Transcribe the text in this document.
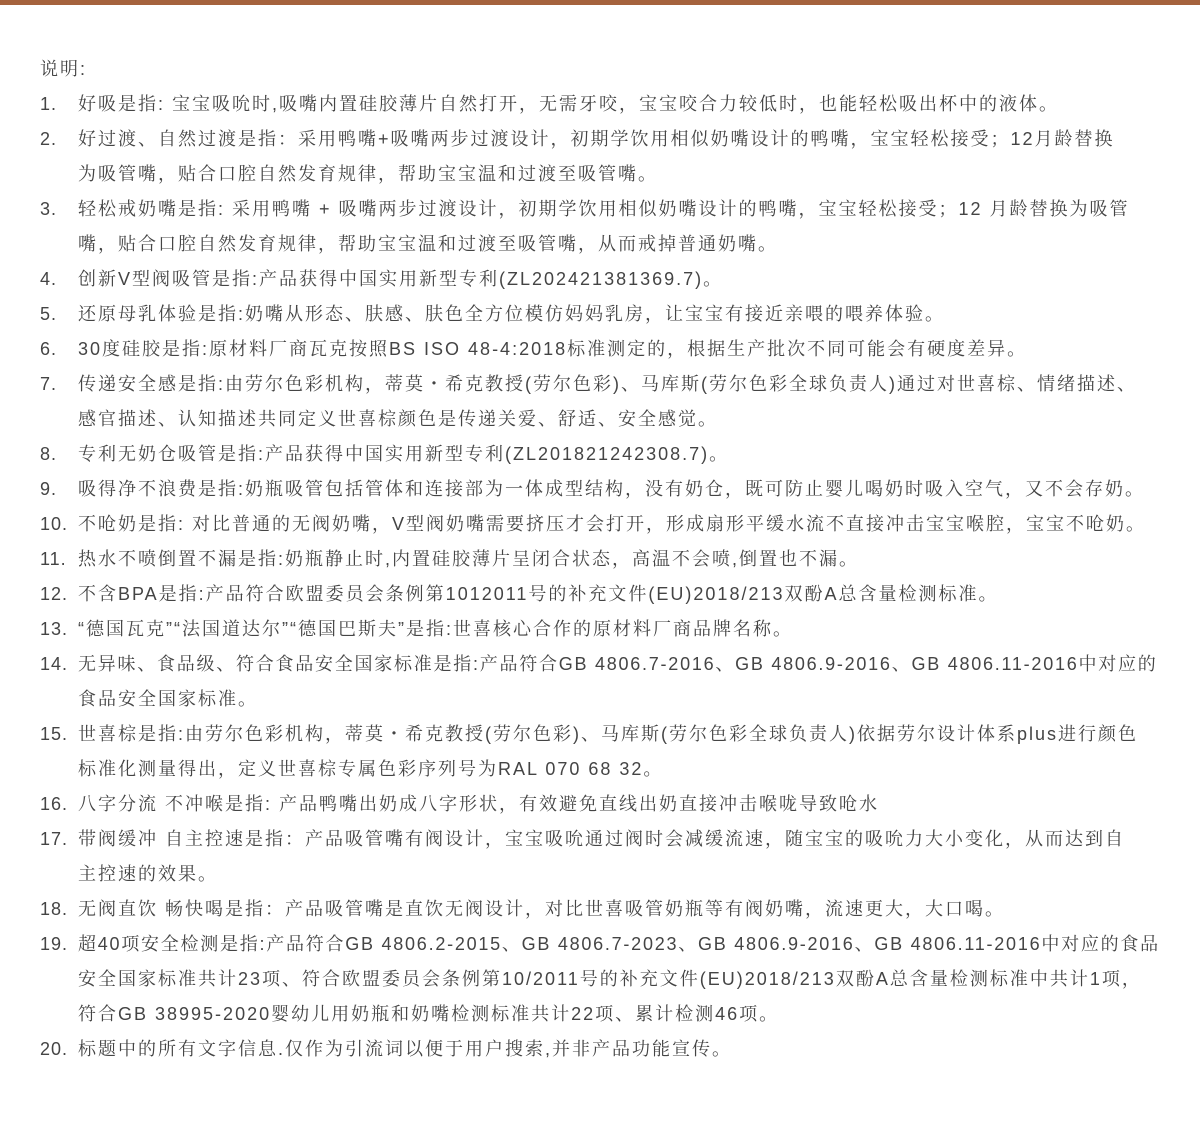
说明:
1.	好吸是指: 宝宝吸吮时,吸嘴内置硅胶薄片自然打开，无需牙咬，宝宝咬合力较低时，也能轻松吸出杯中的液体。
2.	好过渡、自然过渡是指：采用鸭嘴+吸嘴两步过渡设计，初期学饮用相似奶嘴设计的鸭嘴，宝宝轻松接受；12月龄替换
为吸管嘴，贴合口腔自然发育规律，帮助宝宝温和过渡至吸管嘴。
3.	轻松戒奶嘴是指: 采用鸭嘴 + 吸嘴两步过渡设计，初期学饮用相似奶嘴设计的鸭嘴，宝宝轻松接受；12 月龄替换为吸管
嘴，贴合口腔自然发育规律，帮助宝宝温和过渡至吸管嘴，从而戒掉普通奶嘴。
4.	创新V型阀吸管是指:产品获得中国实用新型专利(ZL202421381369.7)。
5.	还原母乳体验是指:奶嘴从形态、肤感、肤色全方位模仿妈妈乳房，让宝宝有接近亲喂的喂养体验。
6.	30度硅胶是指:原材料厂商瓦克按照BS ISO 48-4:2018标准测定的，根据生产批次不同可能会有硬度差异。
7.	传递安全感是指:由劳尔色彩机构，蒂莫・希克教授(劳尔色彩)、马库斯(劳尔色彩全球负责人)通过对世喜棕、情绪描述、
感官描述、认知描述共同定义世喜棕颜色是传递关爱、舒适、安全感觉。
8.	专利无奶仓吸管是指:产品获得中国实用新型专利(ZL201821242308.7)。
9.	吸得净不浪费是指:奶瓶吸管包括管体和连接部为一体成型结构，没有奶仓，既可防止婴儿喝奶时吸入空气，又不会存奶。
10. 不呛奶是指: 对比普通的无阀奶嘴，V型阀奶嘴需要挤压才会打开，形成扇形平缓水流不直接冲击宝宝喉腔，宝宝不呛奶。
11. 热水不喷倒置不漏是指:奶瓶静止时,内置硅胶薄片呈闭合状态，高温不会喷,倒置也不漏。
12. 不含BPA是指:产品符合欧盟委员会条例第1012011号的补充文件(EU)2018/213双酚A总含量检测标准。
13. “德国瓦克”“法国道达尔”“德国巴斯夫”是指:世喜核心合作的原材料厂商品牌名称。
14. 无异味、食品级、符合食品安全国家标准是指:产品符合GB 4806.7-2016、GB 4806.9-2016、GB 4806.11-2016中对应的
食品安全国家标准。
15. 世喜棕是指:由劳尔色彩机构，蒂莫・希克教授(劳尔色彩)、马库斯(劳尔色彩全球负责人)依据劳尔设计体系plus进行颜色
标准化测量得出，定义世喜棕专属色彩序列号为RAL 070 68 32。
16. 八字分流 不冲喉是指: 产品鸭嘴出奶成八字形状，有效避免直线出奶直接冲击喉咙导致呛水
17. 带阀缓冲 自主控速是指：产品吸管嘴有阀设计，宝宝吸吮通过阀时会减缓流速，随宝宝的吸吮力大小变化，从而达到自
主控速的效果。
18. 无阀直饮 畅快喝是指：产品吸管嘴是直饮无阀设计，对比世喜吸管奶瓶等有阀奶嘴，流速更大，大口喝。
19. 超40项安全检测是指:产品符合GB 4806.2-2015、GB 4806.7-2023、GB 4806.9-2016、GB 4806.11-2016中对应的食品
安全国家标准共计23项、符合欧盟委员会条例第10/2011号的补充文件(EU)2018/213双酚A总含量检测标准中共计1项，
符合GB 38995-2020婴幼儿用奶瓶和奶嘴检测标准共计22项、累计检测46项。
20. 标题中的所有文字信息.仅作为引流词以便于用户搜索,并非产品功能宣传。
